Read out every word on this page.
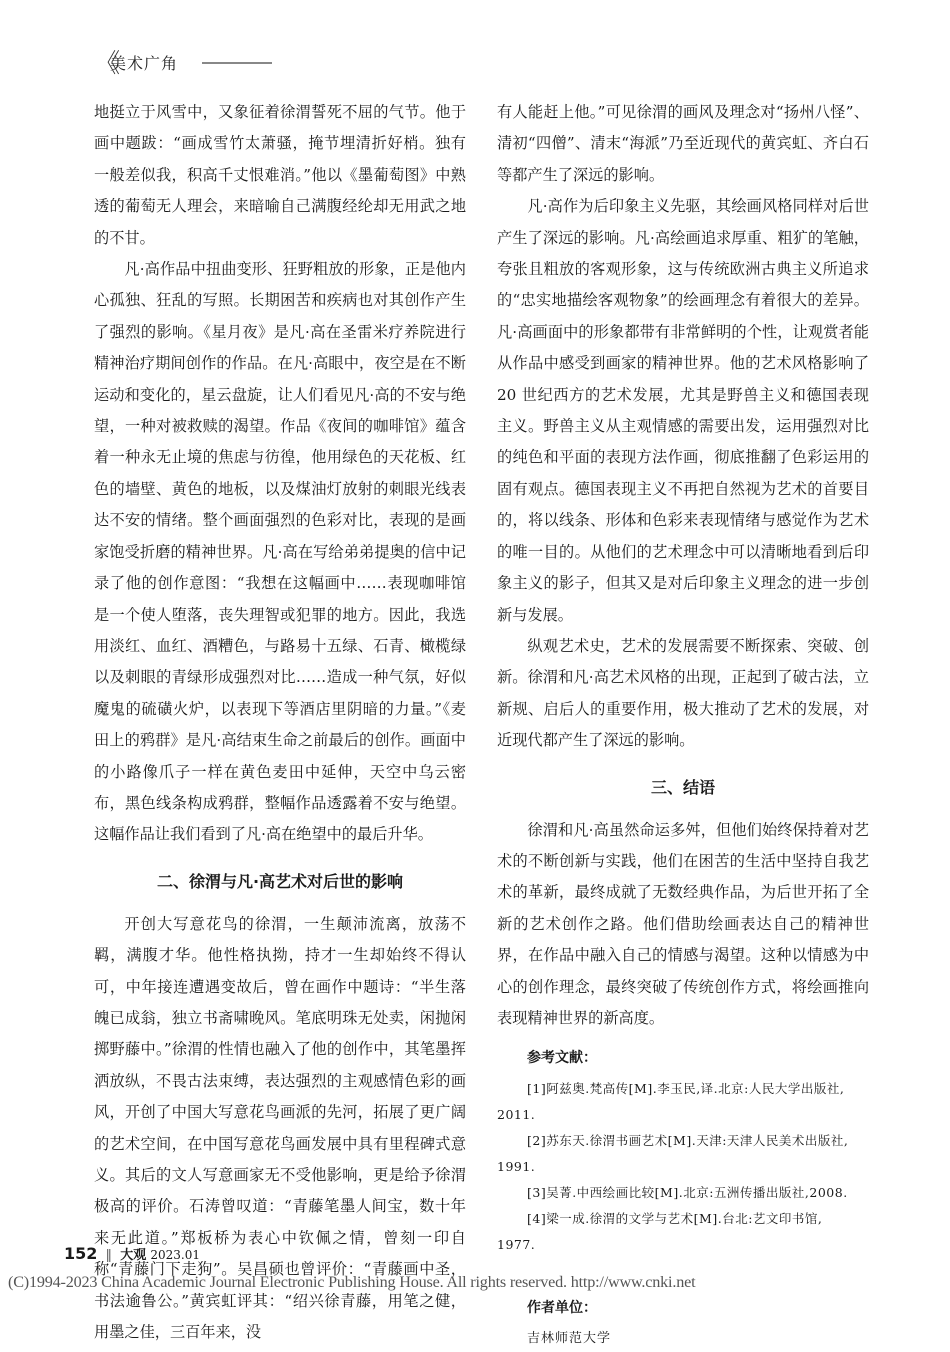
《
美术广角

地挺立于风雪中，又象征着徐渭誓死不屈的气节。他于画中题跋：“画成雪竹太萧骚，掩节埋清折好梢。独有一般差似我，积高千丈恨难消。”他以《墨葡萄图》中熟透的葡萄无人理会，来暗喻自己满腹经纶却无用武之地的不甘。

凡·高作品中扭曲变形、狂野粗放的形象，正是他内心孤独、狂乱的写照。长期困苦和疾病也对其创作产生了强烈的影响。《星月夜》是凡·高在圣雷米疗养院进行精神治疗期间创作的作品。在凡·高眼中，夜空是在不断运动和变化的，星云盘旋，让人们看见凡·高的不安与绝望，一种对被救赎的渴望。作品《夜间的咖啡馆》蕴含着一种永无止境的焦虑与彷徨，他用绿色的天花板、红色的墙壁、黄色的地板，以及煤油灯放射的刺眼光线表达不安的情绪。整个画面强烈的色彩对比，表现的是画家饱受折磨的精神世界。凡·高在写给弟弟提奥的信中记录了他的创作意图：“我想在这幅画中……表现咖啡馆是一个使人堕落，丧失理智或犯罪的地方。因此，我选用淡红、血红、酒糟色，与路易十五绿、石青、橄榄绿以及刺眼的青绿形成强烈对比……造成一种气氛，好似魔鬼的硫磺火炉，以表现下等酒店里阴暗的力量。”《麦田上的鸦群》是凡·高结束生命之前最后的创作。画面中的小路像爪子一样在黄色麦田中延伸，天空中乌云密布，黑色线条构成鸦群，整幅作品透露着不安与绝望。这幅作品让我们看到了凡·高在绝望中的最后升华。

二、徐渭与凡·高艺术对后世的影响

开创大写意花鸟的徐渭，一生颠沛流离，放荡不羁，满腹才华。他性格执拗，持才一生却始终不得认可，中年接连遭遇变故后，曾在画作中题诗：“半生落魄已成翁，独立书斋啸晚风。笔底明珠无处卖，闲抛闲掷野藤中。”徐渭的性情也融入了他的创作中，其笔墨挥洒放纵，不畏古法束缚，表达强烈的主观感情色彩的画风，开创了中国大写意花鸟画派的先河，拓展了更广阔的艺术空间，在中国写意花鸟画发展中具有里程碑式意义。其后的文人写意画家无不受他影响，更是给予徐渭极高的评价。石涛曾叹道：“青藤笔墨人间宝，数十年来无此道。”郑板桥为表心中钦佩之情，曾刻一印自称“青藤门下走狗”。吴昌硕也曾评价：“青藤画中圣，书法逾鲁公。”黄宾虹评其：“绍兴徐青藤，用笔之健，用墨之佳，三百年来，没

有人能赶上他。”可见徐渭的画风及理念对“扬州八怪”、清初“四僧”、清末“海派”乃至近现代的黄宾虹、齐白石等都产生了深远的影响。

凡·高作为后印象主义先驱，其绘画风格同样对后世产生了深远的影响。凡·高绘画追求厚重、粗犷的笔触，夸张且粗放的客观形象，这与传统欧洲古典主义所追求的“忠实地描绘客观物象”的绘画理念有着很大的差异。凡·高画面中的形象都带有非常鲜明的个性，让观赏者能从作品中感受到画家的精神世界。他的艺术风格影响了 20 世纪西方的艺术发展，尤其是野兽主义和德国表现主义。野兽主义从主观情感的需要出发，运用强烈对比的纯色和平面的表现方法作画，彻底推翻了色彩运用的固有观点。德国表现主义不再把自然视为艺术的首要目的，将以线条、形体和色彩来表现情绪与感觉作为艺术的唯一目的。从他们的艺术理念中可以清晰地看到后印象主义的影子，但其又是对后印象主义理念的进一步创新与发展。

纵观艺术史，艺术的发展需要不断探索、突破、创新。徐渭和凡·高艺术风格的出现，正起到了破古法，立新规、启后人的重要作用，极大推动了艺术的发展，对近现代都产生了深远的影响。

三、结语

徐渭和凡·高虽然命运多舛，但他们始终保持着对艺术的不断创新与实践，他们在困苦的生活中坚持自我艺术的革新，最终成就了无数经典作品，为后世开拓了全新的艺术创作之路。他们借助绘画表达自己的精神世界，在作品中融入自己的情感与渴望。这种以情感为中心的创作理念，最终突破了传统创作方式，将绘画推向表现精神世界的新高度。

参考文献：
[1]阿兹奥.梵高传[M].李玉民,译.北京:人民大学出版社,
2011.
[2]苏东天.徐渭书画艺术[M].天津:天津人民美术出版社,
1991.
[3]吴菁.中西绘画比较[M].北京:五洲传播出版社,2008.
[4]梁一成.徐渭的文学与艺术[M].台北:艺文印书馆,
1977.
作者单位：
吉林师范大学
152 ‖ 大观 2023.01
(C)1994-2023 China Academic Journal Electronic Publishing House. All rights reserved. http://www.cnki.net
